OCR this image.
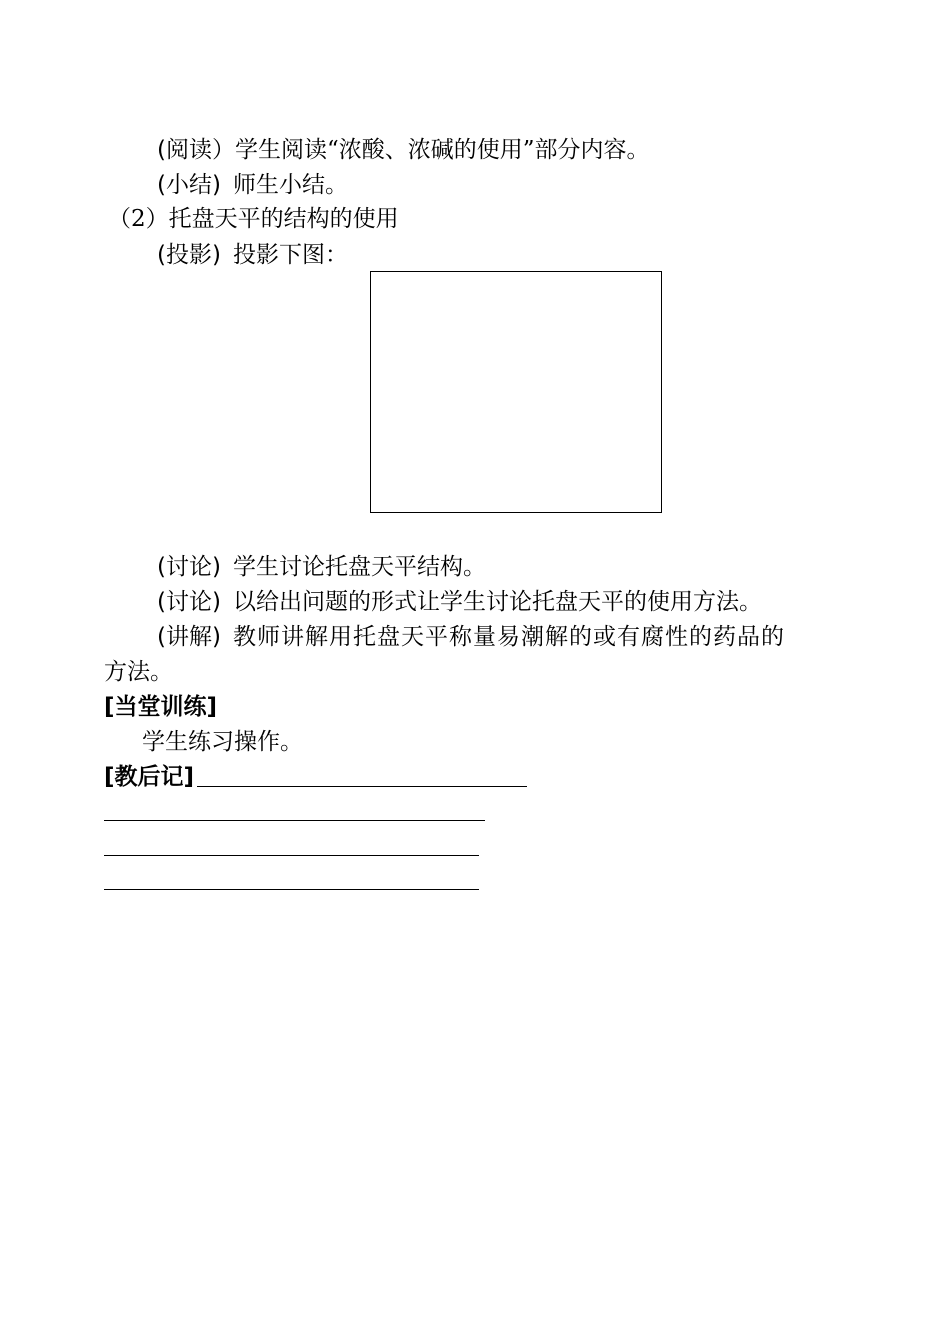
(阅读）学生阅读“浓酸、浓碱的使用”部分内容。
(小结) 师生小结。
（2）托盘天平的结构的使用
(投影) 投影下图：
(讨论) 学生讨论托盘天平结构。
(讨论) 以给出问题的形式让学生讨论托盘天平的使用方法。
(讲解) 教师讲解用托盘天平称量易潮解的或有腐性的药品的
方法。
[当堂训练]
学生练习操作。
[教后记]
